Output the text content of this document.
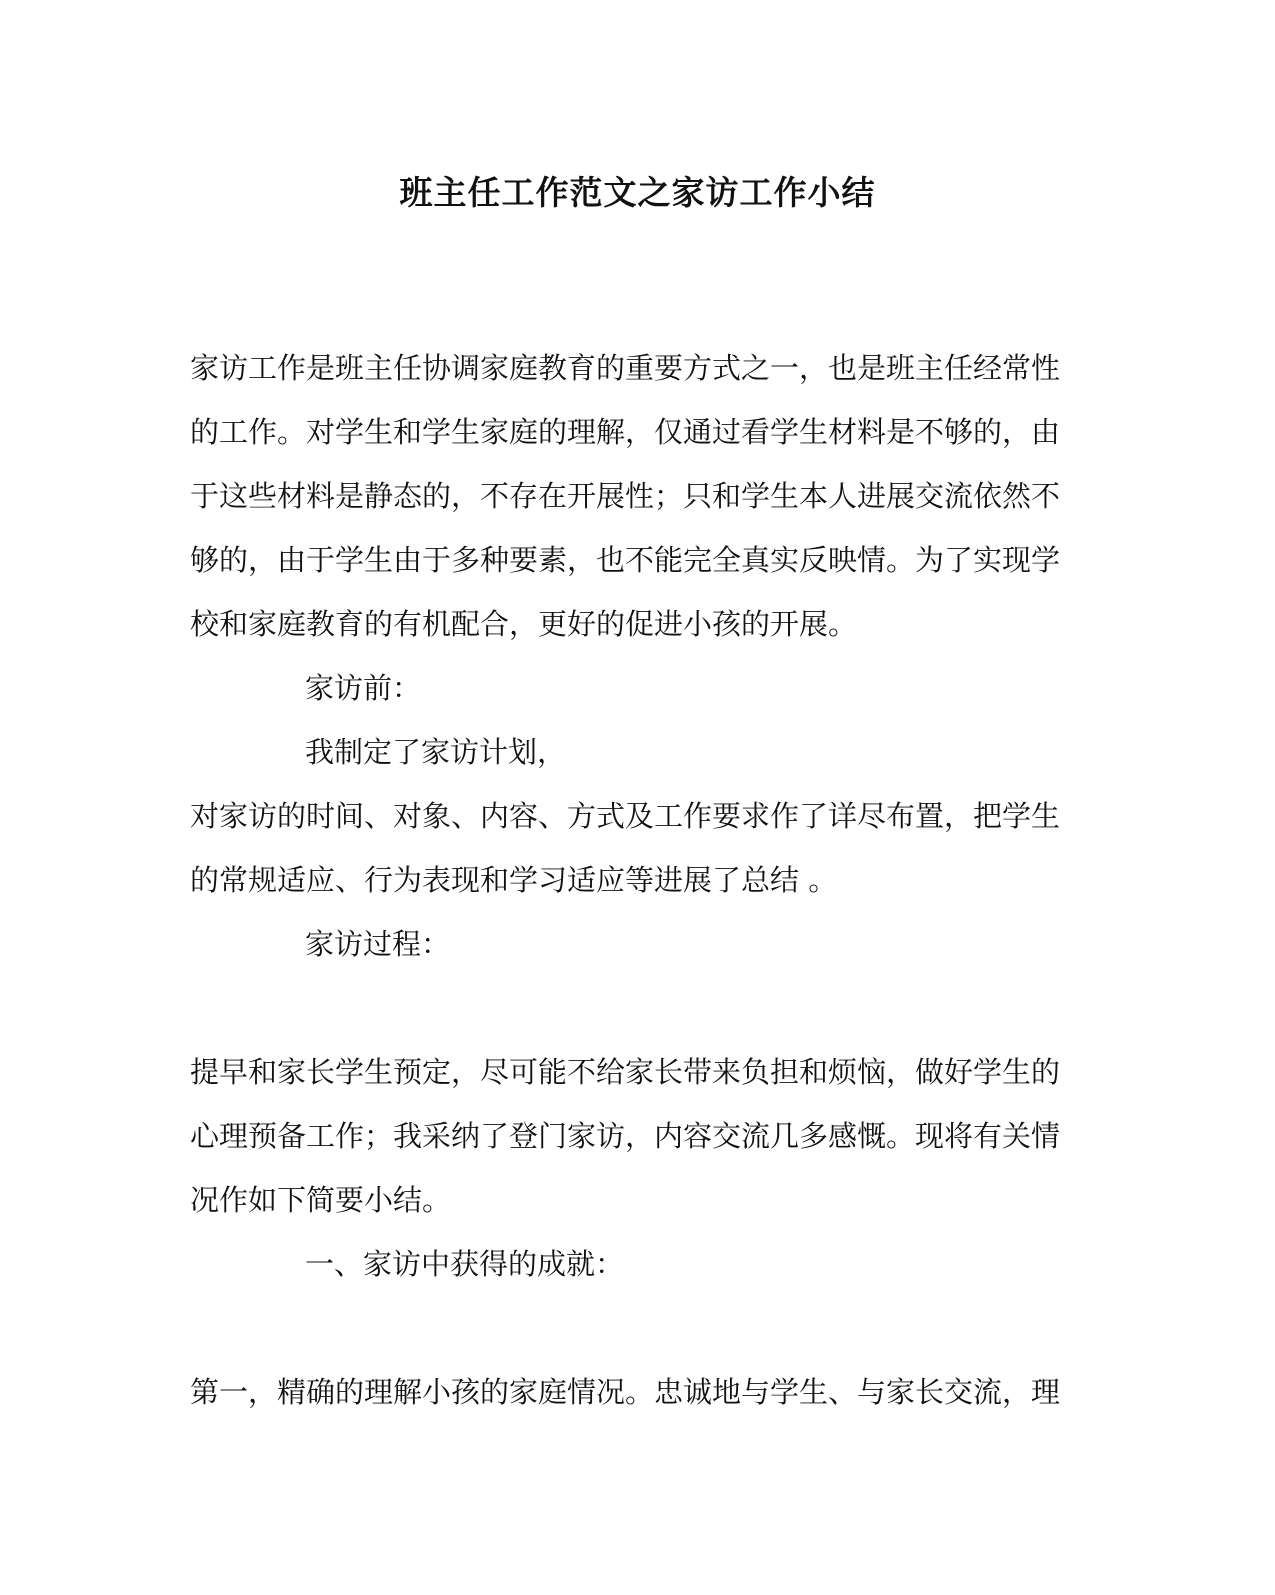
班主任工作范文之家访工作小结
家访工作是班主任协调家庭教育的重要方式之一，也是班主任经常性
的工作。对学生和学生家庭的理解，仅通过看学生材料是不够的，由
于这些材料是静态的，不存在开展性；只和学生本人进展交流依然不
够的，由于学生由于多种要素，也不能完全真实反映情。为了实现学
校和家庭教育的有机配合，更好的促进小孩的开展。
家访前：
我制定了家访计划，
对家访的时间、对象、内容、方式及工作要求作了详尽布置，把学生
的常规适应、行为表现和学习适应等进展了总结 。
家访过程：
提早和家长学生预定，尽可能不给家长带来负担和烦恼，做好学生的
心理预备工作；我采纳了登门家访，内容交流几多感慨。现将有关情
况作如下简要小结。
一、家访中获得的成就：
第一，精确的理解小孩的家庭情况。忠诚地与学生、与家长交流，理
